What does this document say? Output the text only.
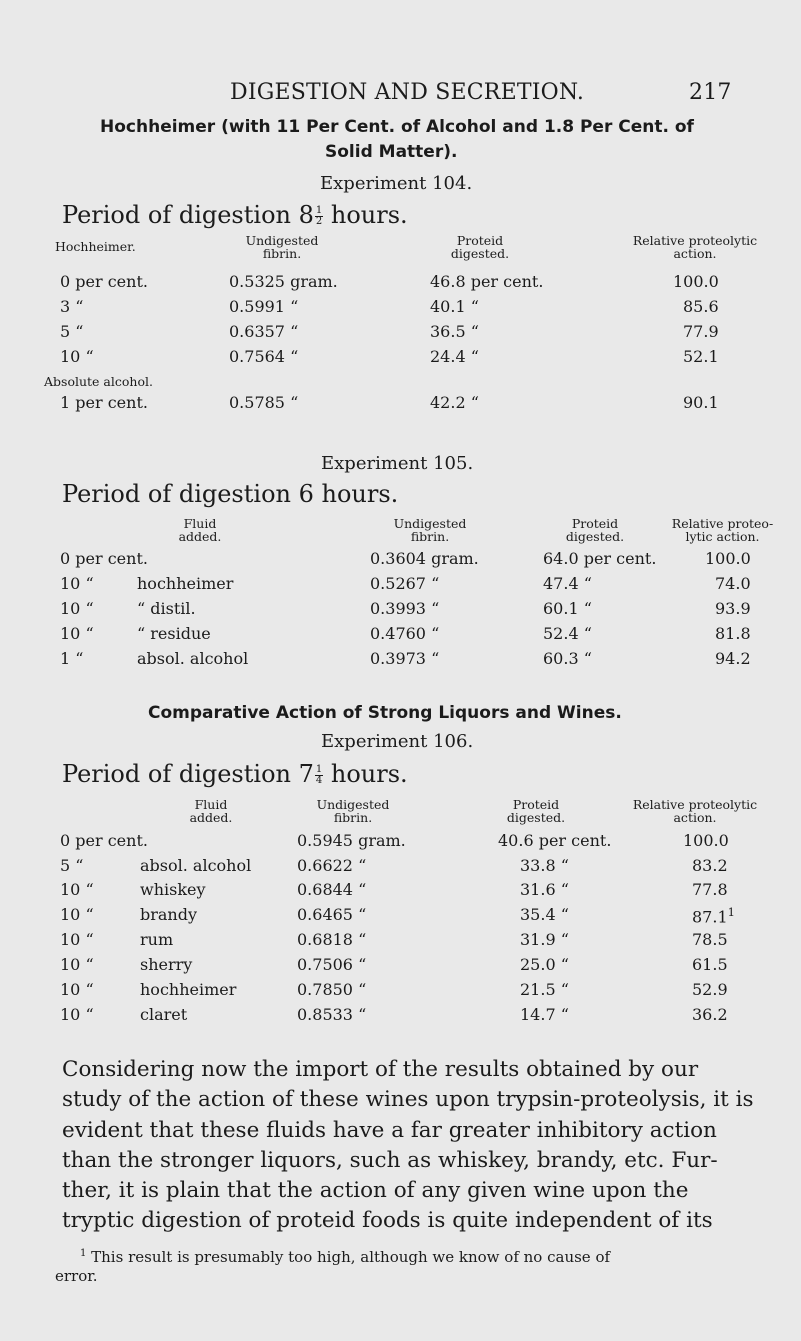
DIGESTION AND SECRETION.	217
Hochheimer (with 11 Per Cent. of Alcohol and 1.8 Per Cent. of
Solid Matter).
Experiment 104.
Period of digestion $8 \frac{1}{2}$ hours.
Hochheimer.	Undigested
fibrin.
Proteid
digested.
Relative proteolytic
action.
0 per cent.	0.5325 gram.	46.8 per cent.	100.0
3 “	0.5991 “	40.1 “	85.6
5 “	0.6357 “	36.5 “	77.9
10 “	0.7564 “	24.4 “	52.1
Absolute alcohol.
1 per cent.	0.5785 “	42.2 “	90.1
Experiment 105.
Period of digestion 6 hours.
Fluid
added.
Undigested
fibrin.
Proteid
digested.
Relative proteo-
lytic action.
0 per cent.	0.3604 gram.	64.0 per cent.	100.0
10 “	hochheimer	0.5267 “	47.4 “	74.0
10 “	“ distil.	0.3993 “	60.1 “	93.9
10 “	“ residue	0.4760 “	52.4 “	81.8
1 “	absol. alcohol	0.3973 “	60.3 “	94.2
Comparative Action of Strong Liquors and Wines.
Experiment 106.
Period of digestion $7 \frac{1}{4}$ hours.
Fluid
added.
Undigested
fibrin.
Proteid
digested.
Relative proteolytic
action.
0 per cent.	0.5945 gram.	40.6 per cent.	100.0
5 “	absol. alcohol	0.6622 “	33.8 “	83.2
10 “	whiskey	0.6844 “	31.6 “	77.8
10 “	brandy	0.6465 “	35.4 “	87.1$^1$
10 “	rum	0.6818 “	31.9 “	78.5
10 “	sherry	0.7506 “	25.0 “	61.5
10 “	hochheimer	0.7850 “	21.5 “	52.9
10 “	claret	0.8533 “	14.7 “	36.2
Considering now the import of the results obtained by our
study of the action of these wines upon trypsin-proteolysis, it is
evident that these fluids have a far greater inhibitory action
than the stronger liquors, such as whiskey, brandy, etc. Fur-
ther, it is plain that the action of any given wine upon the
tryptic digestion of proteid foods is quite independent of its
$^1$ This result is presumably too high, although we know of no cause of
error.
